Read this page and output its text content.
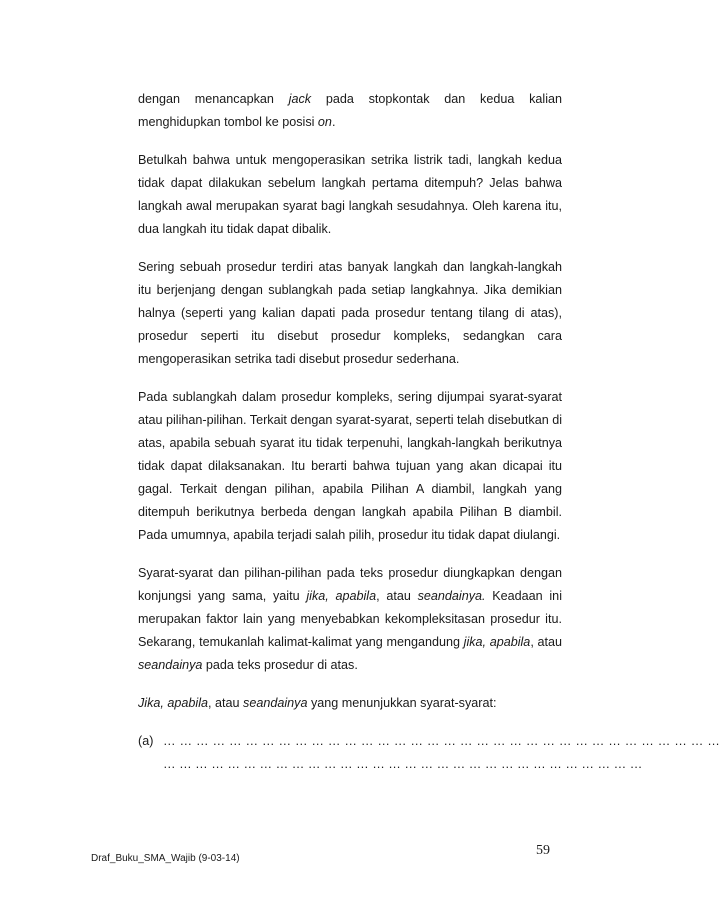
dengan menancapkan jack pada stopkontak dan kedua kalian menghidupkan tombol ke posisi on.

Betulkah bahwa untuk mengoperasikan setrika listrik tadi, langkah kedua tidak dapat dilakukan sebelum langkah pertama ditempuh? Jelas bahwa langkah awal merupakan syarat bagi langkah sesudahnya. Oleh karena itu, dua langkah itu tidak dapat dibalik.

Sering sebuah prosedur terdiri atas banyak langkah dan langkah-langkah itu berjenjang dengan sublangkah pada setiap langkahnya. Jika demikian halnya (seperti yang kalian dapati pada prosedur tentang tilang di atas), prosedur seperti itu disebut prosedur kompleks, sedangkan cara mengoperasikan setrika tadi disebut prosedur sederhana.

Pada sublangkah dalam prosedur kompleks, sering dijumpai syarat-syarat atau pilihan-pilihan. Terkait dengan syarat-syarat, seperti telah disebutkan di atas, apabila sebuah syarat itu tidak terpenuhi, langkah-langkah berikutnya tidak dapat dilaksanakan. Itu berarti bahwa tujuan yang akan dicapai itu gagal. Terkait dengan pilihan, apabila Pilihan A diambil, langkah yang ditempuh berikutnya berbeda dengan langkah apabila Pilihan B diambil. Pada umumnya, apabila terjadi salah pilih, prosedur itu tidak dapat diulangi.

Syarat-syarat dan pilihan-pilihan pada teks prosedur diungkapkan dengan konjungsi yang sama, yaitu jika, apabila, atau seandainya. Keadaan ini merupakan faktor lain yang menyebabkan kekompleksitasan prosedur itu. Sekarang, temukanlah kalimat-kalimat yang mengandung jika, apabila, atau seandainya pada teks prosedur di atas.

Jika, apabila, atau seandainya yang menunjukkan syarat-syarat:

(a) … … … … … … … … … … … … … … … … … … … … … … … … … … … … … … … … … …
… … … … … … … … … … … … … … … … … … … … … … … … … … … … … …
Draf_Buku_SMA_Wajib (9-03-14)
59
